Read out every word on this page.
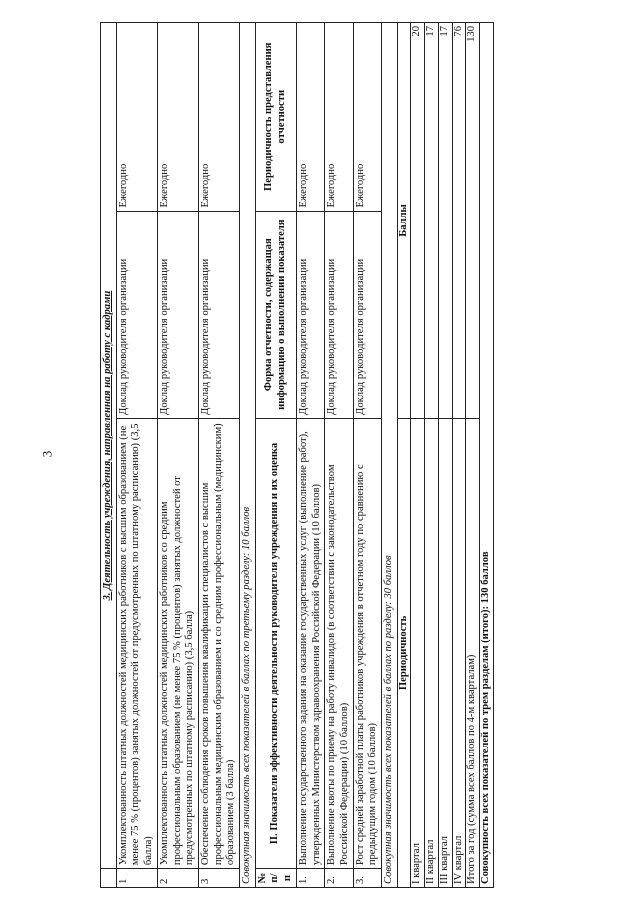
3
		3. Деятельность учреждения, направленная на работу с кадрами		
1	Укомплектованность штатных должностей медицинских работников с высшим образованием (не менее 75 % (процентов) занятых должностей от предусмотренных по штатному расписанию) (3,5 балла)	Доклад руководителя организации	Ежегодно
2	Укомплектованность штатных должностей медицинских работников со средним профессиональным образованием (не менее 75 % (процентов) занятых должностей от предусмотренных по штатному расписанию) (3,5 балла)	Доклад руководителя организации	Ежегодно
3	Обеспечение соблюдения сроков повышения квалификации специалистов с высшим профессиональным медицинским образованием и со средним профессиональным (медицинским) образованием (3 балла)	Доклад руководителя организации	Ежегодно
Совокупная значимость всех показателей в баллах по третьему разделу: 10 баллов			
№ п/п	II. Показатели эффективности деятельности руководителя учреждения и их оценка	Форма отчетности, содержащая информацию о выполнении показателя	Периодичность представления отчетности
1.	Выполнение государственного задания на оказание государственных услуг (выполнение работ), утвержденных Министерством здравоохранения Российской Федерации (10 баллов)	Доклад руководителя организации	Ежегодно
2.	Выполнение квоты по приему на работу инвалидов (в соответствии с законодательством Российской Федерации) (10 баллов)	Доклад руководителя организации	Ежегодно
3.	Рост средней заработной платы работников учреждения в отчетном году по сравнению с предыдущим годом (10 баллов)	Доклад руководителя организации	Ежегодно
Совокупная значимость всех показателей в баллах по разделу: 30 баллов			
Периодичность		Баллы	
I квартал		20	
II квартал		17	
III квартал		17	
IV квартал		76	
Итого за год (сумма всех баллов по 4-м кварталам)		130	
Совокупность всех показателей по трем разделам (итого): 130 баллов			
